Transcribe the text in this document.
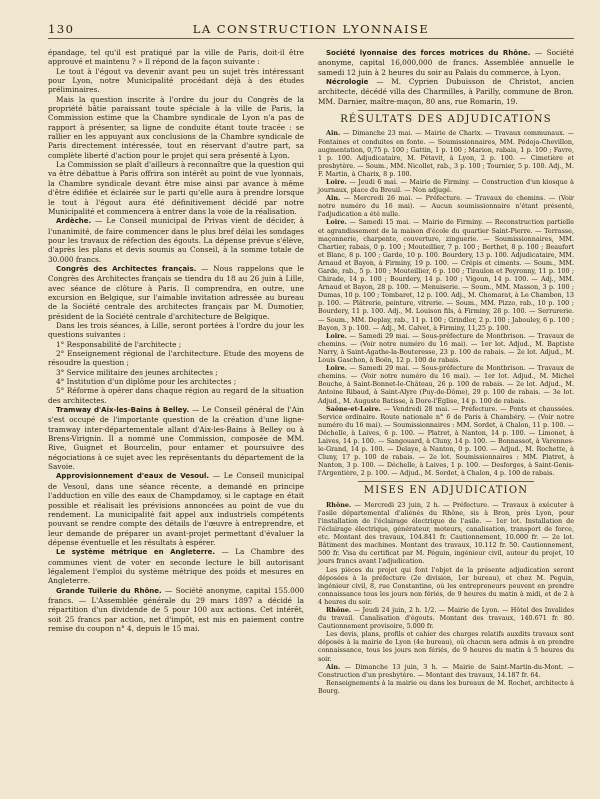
130	LA CONSTRUCTION LYONNAISE

épandage, tel qu'il est pratiqué par la ville de Paris, doit-il être approuvé et maintenu ? » Il répond de la façon suivante :

Le tout à l'égout va devenir avant peu un sujet très intéressant pour Lyon, notre Municipalité procédant déjà à des études préliminaires.

Mais la question inscrite à l'ordre du jour du Congrès de la propriété bâtie paraissant toute spéciale à la ville de Paris, la Commission estime que la Chambre syndicale de Lyon n'a pas de rapport à présenter, sa ligne de conduite étant toute tracée : se rallier en les appuyant aux conclusions de la Chambre syndicale de Paris directement intéressée, tout en réservant d'autre part, sa complète liberté d'action pour le projet qui sera présenté à Lyon.

La Commission se plaît d'ailleurs à reconnaître que la question qui va être débattue à Paris offrira son intérêt au point de vue lyonnais, la Chambre syndicale devant être mise ainsi par avance à même d'être édifiée et éclairée sur le parti qu'elle aura à prendre lorsque le tout à l'égout aura été définitivement décidé par notre Municipalité et commencera à entrer dans la voie de la réalisation.

Ardèche. — Le Conseil municipal de Privas vient de décider, à l'unanimité, de faire commencer dans le plus bref délai les sondages pour les travaux de réfection des égouts. La dépense prévue s'élève, d'après les plans et devis soumis au Conseil, à la somme totale de 30.000 francs.

Congrès des Architectes français. — Nous rappelons que le Congrès des Architectes français se tiendra du 18 au 26 juin à Lille, avec séance de clôture à Paris. Il comprendra, en outre, une excursion en Belgique, sur l'aimable invitation adressée au bureau de la Société centrale des architectes français par M. Dumotier, président de la Société centrale d'architecture de Belgique.

Dans les trois séances, à Lille, seront portées à l'ordre du jour les questions suivantes :

1° Responsabilité de l'architecte ;

2° Enseignement régional de l'architecture. Etude des moyens de résoudre la question ;

3° Service militaire des jeunes architectes ;

4° Institution d'un diplôme pour les architectes ;

5° Réforme à opérer dans chaque région au regard de la situation des architectes.

Tramway d'Aix-les-Bains à Belley. — Le Conseil général de l'Ain s'est occupé de l'importante question de la création d'une ligne-tramway inter-départementale allant d'Aix-les-Bains à Belley ou à Brens-Virignin. Il a nommé une Commission, composée de MM. Rive, Guignet et Bourcelin, pour entamer et poursuivre des négociations à ce sujet avec les représentants du département de la Savoie.

Approvisionnement d'eaux de Vesoul. — Le Conseil municipal de Vesoul, dans une séance récente, a demandé en principe l'adduction en ville des eaux de Champdamoy, si le captage en était possible et réalisait les prévisions annoncées au point de vue du rendement. La municipalité fait appel aux industriels compétents pouvant se rendre compte des détails de l'œuvre à entreprendre, et leur demande de préparer un avant-projet permettant d'évaluer la dépense éventuelle et les résultats à espérer.

Le système métrique en Angleterre. — La Chambre des communes vient de voter en seconde lecture le bill autorisant légalement l'emploi du système métrique des poids et mesures en Angleterre.

Grande Tuilerie du Rhône. — Société anonyme, capital 155.000 francs. — L'Assemblée générale du 29 mars 1897 a décidé la répartition d'un dividende de 5 pour 100 aux actions. Cet intérêt, soit 25 francs par action, net d'impôt, est mis en paiement contre remise du coupon n° 4, depuis le 15 mai.

Société lyonnaise des forces motrices du Rhône. — Société anonyme, capital 16,000,000 de francs. Assemblée annuelle le samedi 12 juin à 2 heures du soir au Palais du commerce, à Lyon.

Nécrologie — M. Cyprien Dubuisson de Christot, ancien architecte, décédé villa des Charmilles, à Parilly, commune de Bron. MM. Darnier, maître-maçon, 80 ans, rue Romarin, 19.

RÉSULTATS DES ADJUDICATIONS

Ain. — Dimanche 23 mai. — Mairie de Charix. — Travaux communaux. — Fontaines et conduites en fonte. — Soumissionnaires, MM. Pédoja-Chevillon, augmentation, 0,75 p. 100 ; Gattin, 1 p. 100 ; Marion, rabais, 1 p. 100 ; Favre, 1 p. 100. Adjudicataire, M. Pétavit, à Lyon, 2 p. 100. — Cimetière et presbytère. — Soum., MM. Nicollet, rab., 3 p. 100 ; Tournier, 5 p. 100. Adj., M. F. Martin, à Charix, 8 p. 100.

Loire. — Jeudi 6 mai. — Mairie de Firminy. — Construction d'un kiosque à journaux, place du Breuil. — Non adjugé.

Ain. — Mercredi 26 mai. — Préfecture. — Travaux de chemins. — (Voir notre numéro du 16 mai). — Aucun soumissionnaire n'étant présenté, l'adjudication a été nulle.

Loire. — Samedi 15 mai. — Mairie de Firminy. — Reconstruction partielle et agrandissement de la maison d'école du quartier Saint-Pierre. — Terrasse, maçonnerie, charpente, couverture, zinguerie. — Soumissionnaires, MM. Chartier, rabais, 0 p. 100 ; Mouteillier, 7 p. 100 ; Berthet, 8 p. 100 ; Beaufort et Blanc, 8 p. 100 ; Garde, 10 p. 100. Bourdery, 13 p. 100. Adjudicataire, MM. Arnaud et Bayon, à Firminy, 19 p. 100. — Crépis et ciments. — Soum., MM. Garde, rab., 5 p. 100 ; Mouteillier, 6 p. 100 ; Tiraulon et Peyronny, 11 p. 100 ; Chirade, 14 p. 100 ; Bourdery, 14 p. 100 ; Vigoun, 14 p. 100. — Adj., MM. Arnaud et Bayon, 28 p. 100. — Menuiserie. — Soum., MM. Masson, 3 p. 100 ; Dumas, 10 p. 100 ; Tombaret, 12 p. 100. Adj., M. Chomarat, à Le Chambon, 13 p. 100. — Plâtrerie, peinture, vitrerie. — Soum., MM. Pizzo, rab., 10 p. 100 ; Bourdery, 11 p. 100. Adj., M. Louison fils, à Firminy, 28 p. 100. — Serrurerie. — Soum., MM. Deplay, rab., 11 p. 100 ; Grindler, 2 p. 100 ; Jabouley, 6 p. 100 ; Bayon, 3 p. 100. — Adj., M. Calvet, à Firminy, 11,25 p. 100.

Loire. — Samedi 29 mai. — Sous-préfecture de Montbrison. — Travaux de chemins. — (Voir notre numéro du 16 mai). — 1er lot. Adjud., M. Baptiste Narry, à Saint-Agathe-la-Bouteresse, 23 p. 100 de rabais. — 2e lot. Adjud., M. Louis Gaschon, à Boën, 12 p. 100 de rabais.

Loire. — Samedi 29 mai. — Sous-préfecture de Montbrison. — Travaux de chemins. — (Voir notre numéro du 16 mai). — 1er lot. Adjud., M. Michel Bouche, à Saint-Bonnet-le-Château, 26 p. 100 de rabais. — 2e lot. Adjud., M. Antoine Ribaud, à Saint-Alyre (Puy-de-Dôme), 29 p. 100 de rabais. — 3e lot. Adjud., M. Auguste Batisse, à Dore-l'Église, 14 p. 100 de rabais.

Saône-et-Loire. — Vendredi 28 mai. — Préfecture. — Ponts et chaussées. Service ordinaire. Route nationale n° 6 de Paris à Chambéry. — (Voir notre numéro du 16 mai). — Soumissionnaires : MM. Sordet, à Chalon, 11 p. 100. — Déchelle, à Laives, 6 p. 100. — Platret, à Nanton, 14 p. 100. — Limonet, à Laives, 14 p. 100. — Sangouard, à Cluny, 14 p. 100. — Bonnassot, à Varennes-le-Grand, 14 p. 100. — Delaye, à Nanton, 0 p. 100. — Adjud., M. Rochette, à Cluny, 17 p. 100 de rabais. — 2e lot. Soumissionnaires : MM. Platret, à Nanton, 3 p. 100. — Déchelle, à Laives, 1 p. 100. — Desforges, à Saint-Genis-l'Argentière, 2 p. 100. — Adjud., M. Sordet, à Chalon, 4 p. 100 de rabais.

MISES EN ADJUDICATION

Rhône. — Mercredi 23 juin, 2 h. — Préfecture. — Travaux à exécuter à l'asile départemental d'aliénés du Rhône, sis à Bron, près Lyon, pour l'installation de l'éclairage électrique de l'asile. — 1er lot. Installation de l'éclairage électrique, générateur, moteurs, canalisation, transport de force, etc. Montant des travaux, 104.841 fr. Cautionnement, 10.000 fr. — 2e lot. Bâtiment des machines. Montant des travaux, 10.112 fr. 50. Cautionnement, 500 fr. Visa du certificat par M. Péguin, ingénieur civil, auteur du projet, 10 jours francs avant l'adjudication.

Les pièces du projet qui font l'objet de la présente adjudication seront déposées à la préfecture (2e division, 1er bureau), et chez M. Peguin, ingénieur civil, 8, rue Constantine, où les entrepreneurs peuvent en prendre connaissance tous les jours non fériés, de 9 heures du matin à midi, et de 2 à 4 heures du soir.

Rhône. — Jeudi 24 juin, 2 h. 1/2. — Mairie de Lyon. — Hôtel des Invalides du travail. Canalisation d'égouts. Montant des travaux, 140.671 fr. 80. Cautionnement provisoire, 5.000 fr.

Les devis, plans, profils et cahier des charges relatifs auxdits travaux sont déposés à la mairie de Lyon (4e bureau), où chacun sera admis à en prendre connaissance, tous les jours non fériés, de 9 heures du matin à 5 heures du soir.

Ain. — Dimanche 13 juin, 3 h. — Mairie de Saint-Martin-du-Mont. — Construction d'un presbytère. — Montant des travaux, 14.187 fr. 64.

Renseignements à la mairie ou dans les bureaux de M. Rochet, architecte à Bourg.
